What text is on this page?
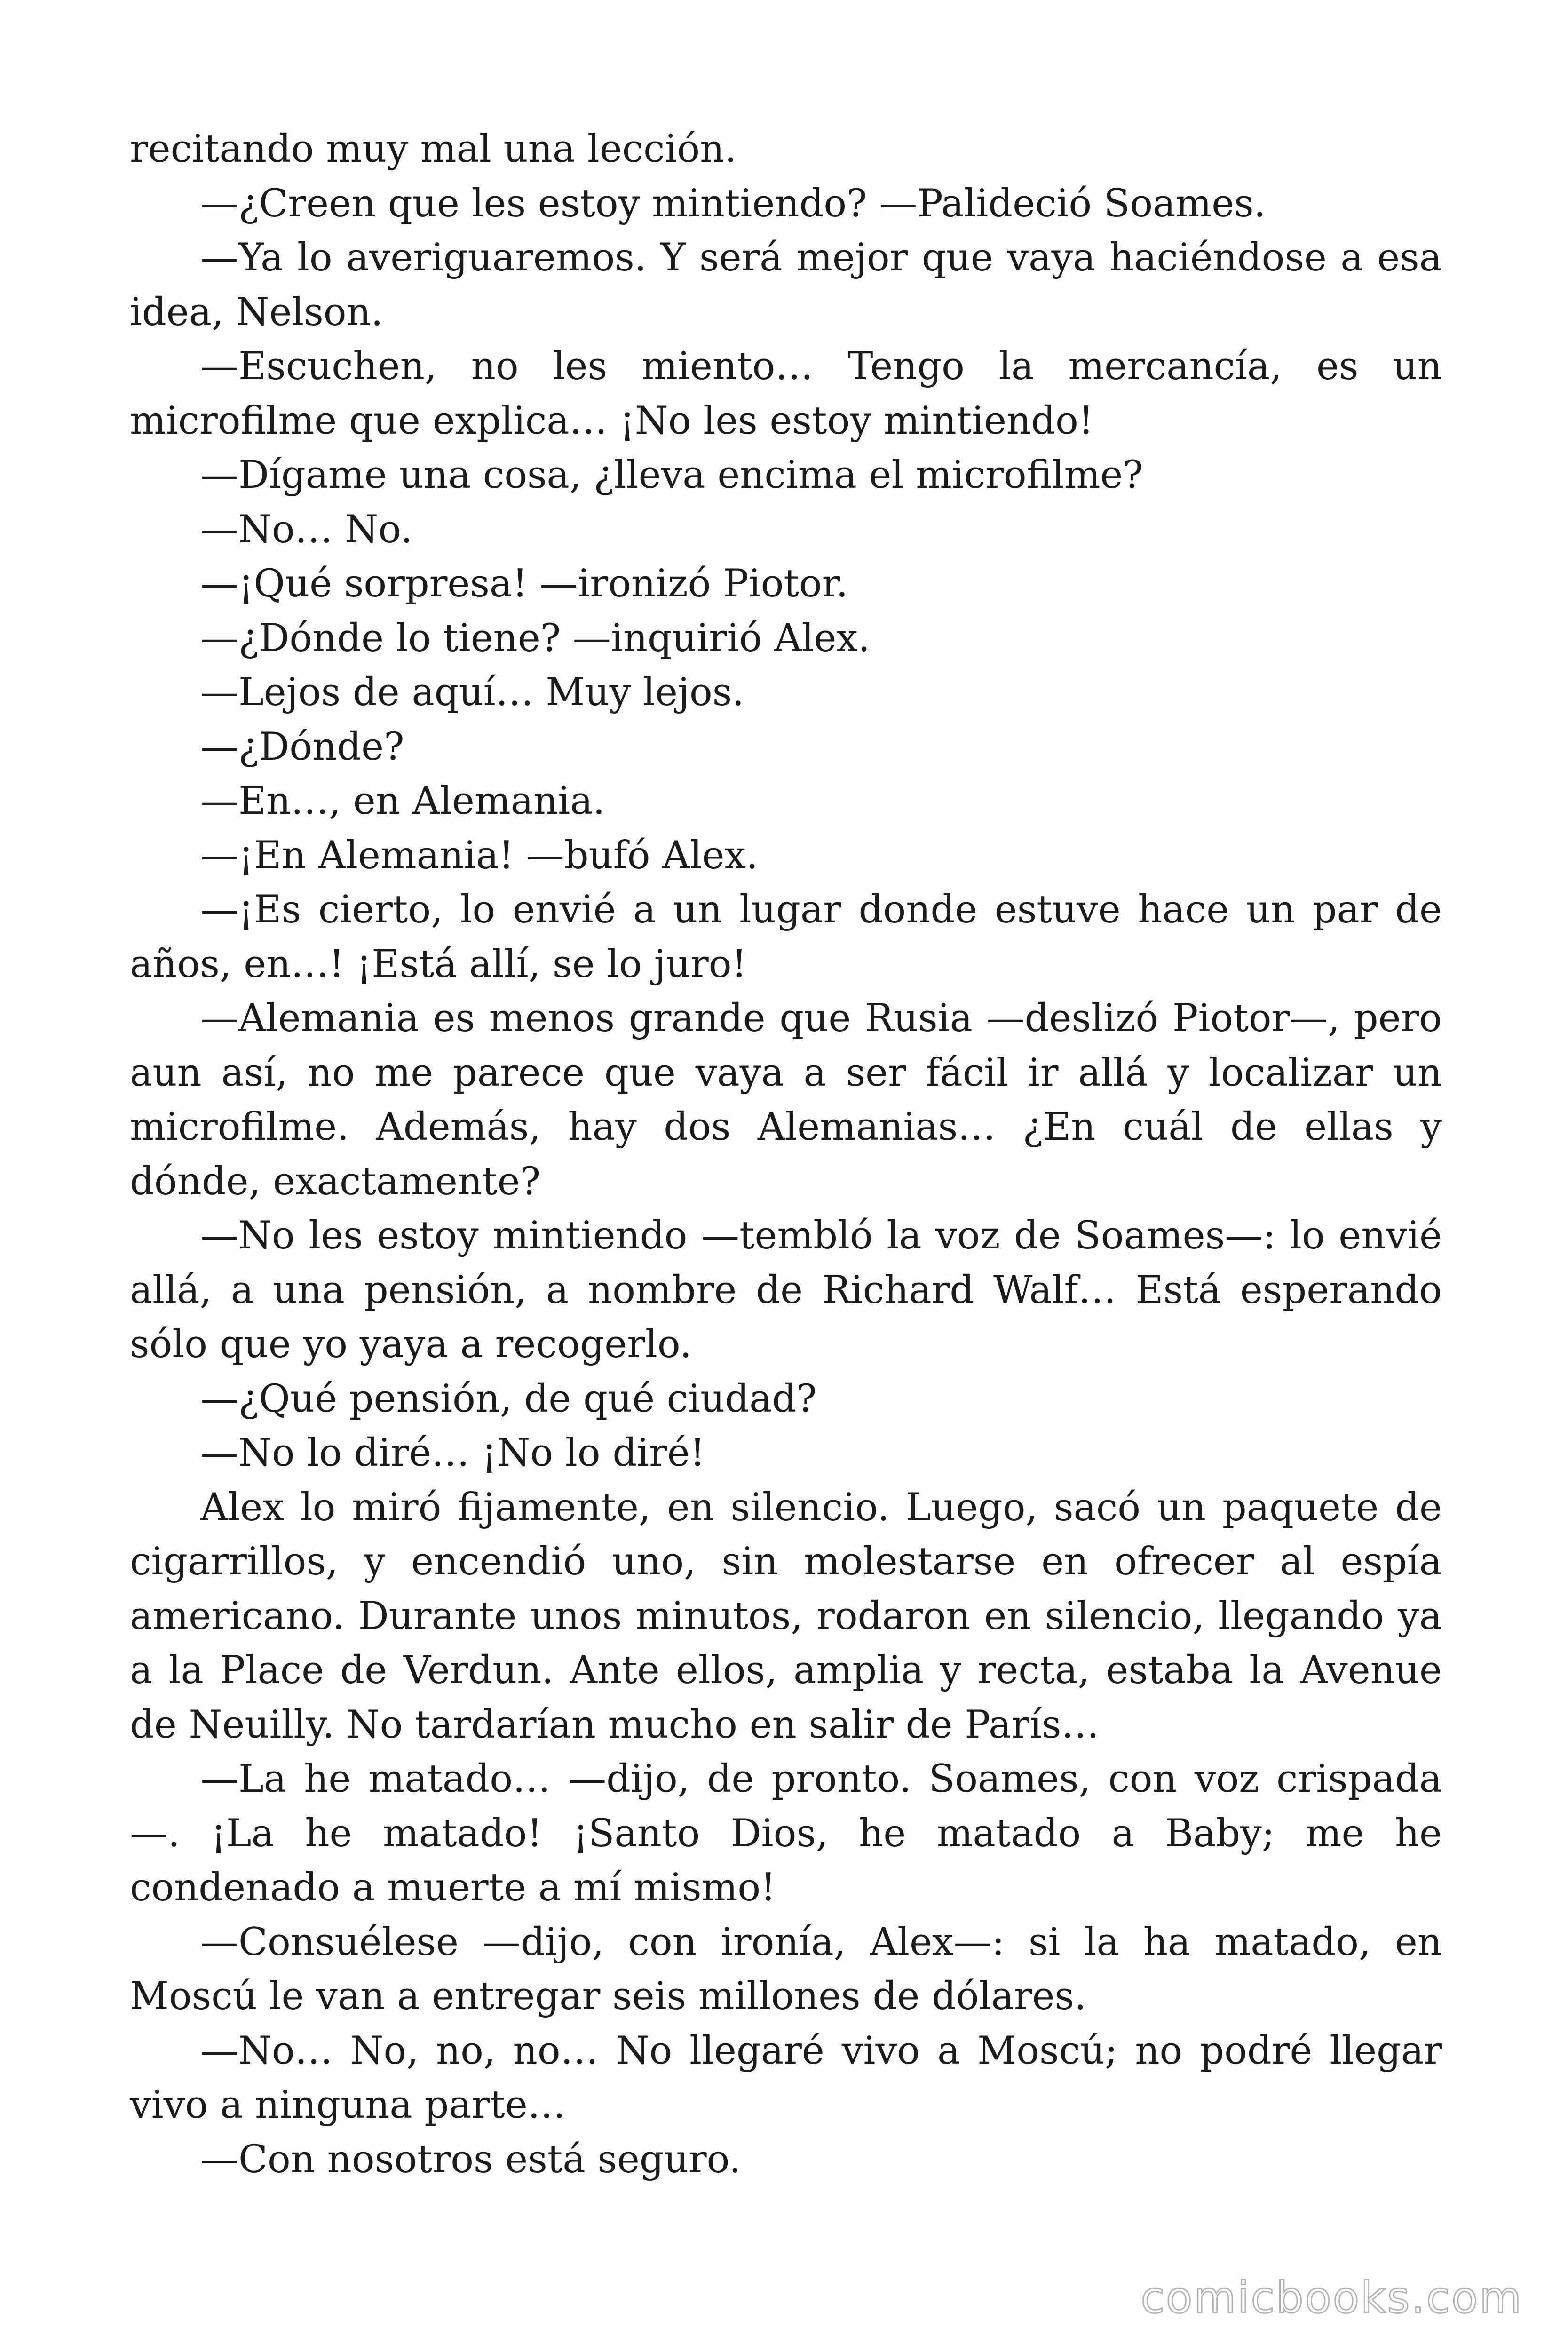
recitando muy mal una lección.

—¿Creen que les estoy mintiendo? —Palideció Soames.

—Ya lo averiguaremos. Y será mejor que vaya haciéndose a esa idea, Nelson.

—Escuchen, no les miento… Tengo la mercancía, es un microfilme que explica… ¡No les estoy mintiendo!

—Dígame una cosa, ¿lleva encima el microfilme?

—No… No.

—¡Qué sorpresa! —ironizó Piotor.

—¿Dónde lo tiene? —inquirió Alex.

—Lejos de aquí… Muy lejos.

—¿Dónde?

—En…, en Alemania.

—¡En Alemania! —bufó Alex.

—¡Es cierto, lo envié a un lugar donde estuve hace un par de años, en…! ¡Está allí, se lo juro!

—Alemania es menos grande que Rusia —deslizó Piotor—, pero aun así, no me parece que vaya a ser fácil ir allá y localizar un microfilme. Además, hay dos Alemanias… ¿En cuál de ellas y dónde, exactamente?

—No les estoy mintiendo —tembló la voz de Soames—: lo envié allá, a una pensión, a nombre de Richard Walf… Está esperando sólo que yo yaya a recogerlo.

—¿Qué pensión, de qué ciudad?

—No lo diré… ¡No lo diré!

Alex lo miró fijamente, en silencio. Luego, sacó un paquete de cigarrillos, y encendió uno, sin molestarse en ofrecer al espía americano. Durante unos minutos, rodaron en silencio, llegando ya a la Place de Verdun. Ante ellos, amplia y recta, estaba la Avenue de Neuilly. No tardarían mucho en salir de París…

—La he matado… —dijo, de pronto. Soames, con voz crispada —. ¡La he matado! ¡Santo Dios, he matado a Baby; me he condenado a muerte a mí mismo!

—Consuélese —dijo, con ironía, Alex—: si la ha matado, en Moscú le van a entregar seis millones de dólares.

—No… No, no, no… No llegaré vivo a Moscú; no podré llegar vivo a ninguna parte…

—Con nosotros está seguro.

comicbooks.com
